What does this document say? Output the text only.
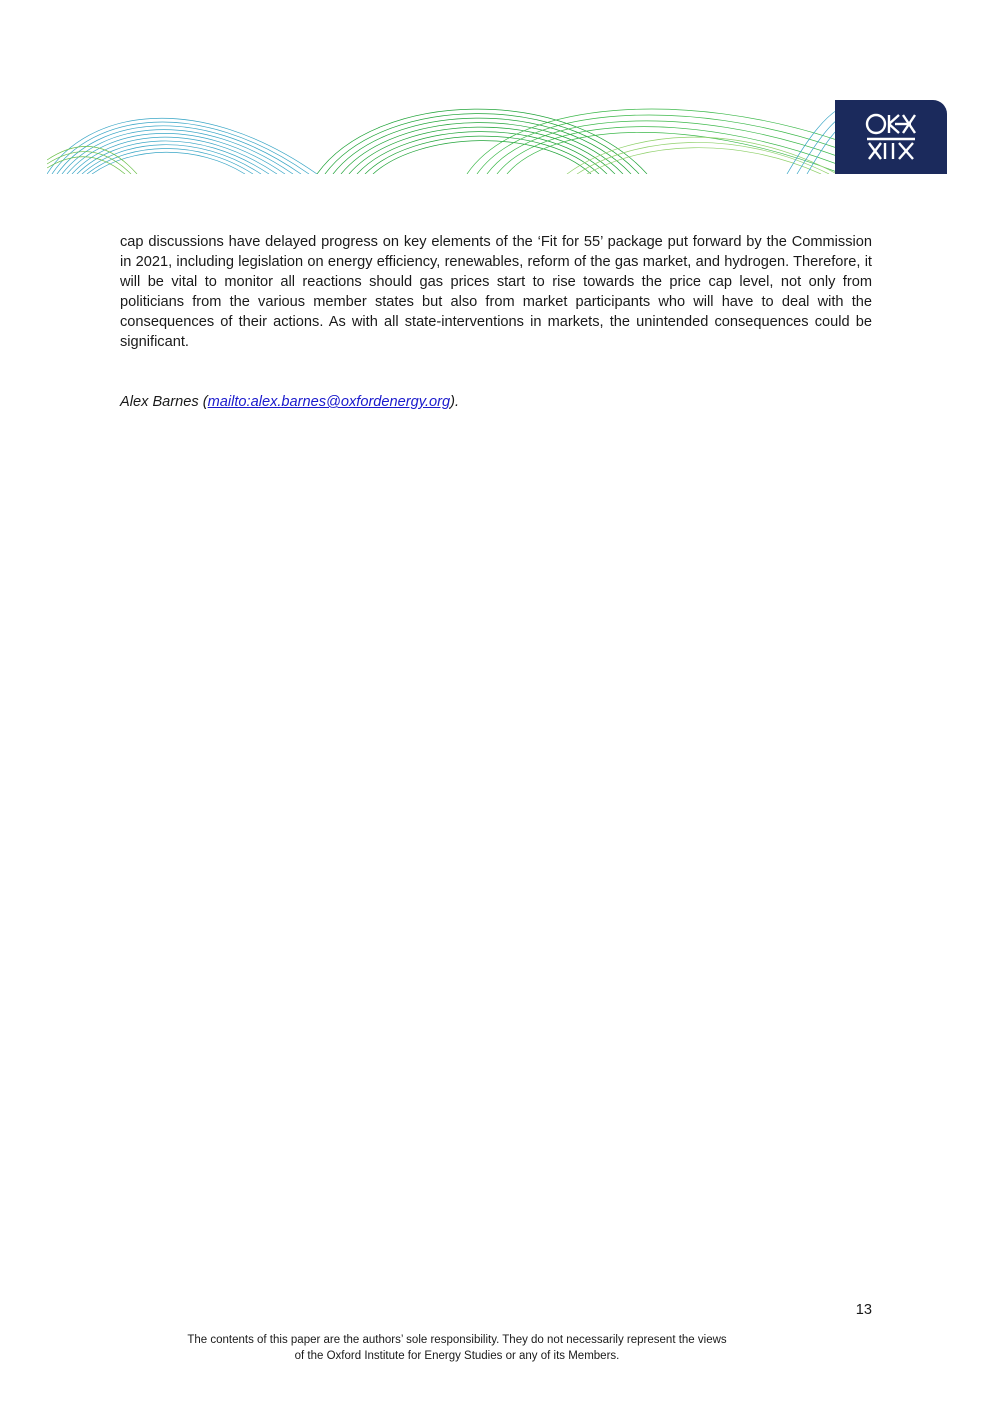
cap discussions have delayed progress on key elements of the ‘Fit for 55’ package put forward by the Commission in 2021, including legislation on energy efficiency, renewables, reform of the gas market, and hydrogen. Therefore, it will be vital to monitor all reactions should gas prices start to rise towards the price cap level, not only from politicians from the various member states but also from market participants who will have to deal with the consequences of their actions. As with all state-interventions in markets, the unintended consequences could be significant.

Alex Barnes (mailto:alex.barnes@oxfordenergy.org).

13
The contents of this paper are the authors’ sole responsibility. They do not necessarily represent the views
of the Oxford Institute for Energy Studies or any of its Members.
